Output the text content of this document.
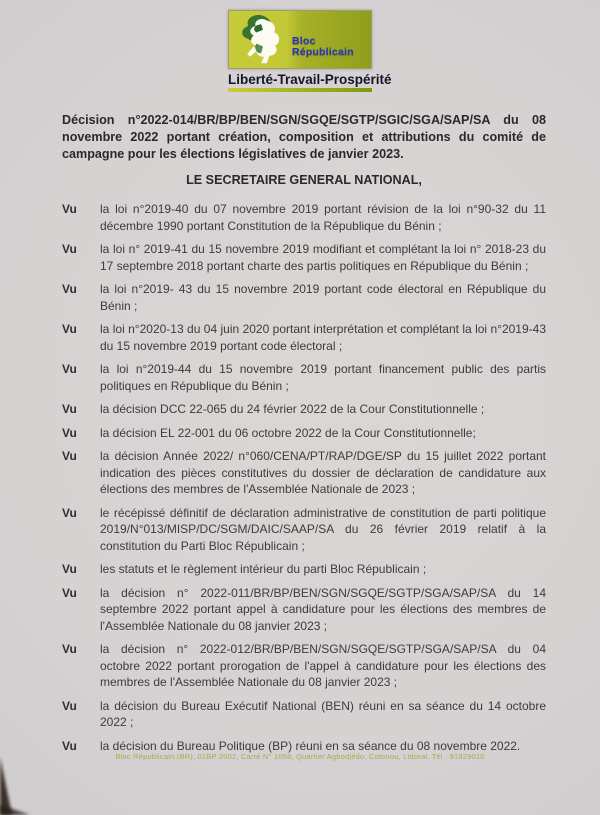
Bloc
Républicain
Liberté-Travail-Prospérité

Décision n°2022-014/BR/BP/BEN/SGN/SGQE/SGTP/SGIC/SGA/SAP/SA du 08 novembre 2022 portant création, composition et attributions du comité de campagne pour les élections législatives de janvier 2023.

LE SECRETAIRE GENERAL NATIONAL,

Vu	la loi n°2019-40 du 07 novembre 2019 portant révision de la loi n°90-32 du 11 décembre 1990 portant Constitution de la République du Bénin ;
Vu	la loi n° 2019-41 du 15 novembre 2019 modifiant et complétant la loi n° 2018-23 du 17 septembre 2018 portant charte des partis politiques en République du Bénin ;
Vu	la loi n°2019- 43 du 15 novembre 2019 portant code électoral en République du Bénin ;
Vu	la loi n°2020-13 du 04 juin 2020 portant interprétation et complétant la loi n°2019-43 du 15 novembre 2019 portant code électoral ;
Vu	la loi n°2019-44 du 15 novembre 2019 portant financement public des partis politiques en République du Bénin ;
Vu	la décision DCC 22-065 du 24 février 2022 de la Cour Constitutionnelle ;
Vu	la décision EL 22-001 du 06 octobre 2022 de la Cour Constitutionnelle;
Vu	la décision Année 2022/ n°060/CENA/PT/RAP/DGE/SP du 15 juillet 2022 portant indication des pièces constitutives du dossier de déclaration de candidature aux élections des membres de l'Assemblée Nationale de 2023 ;
Vu	le récépissé définitif de déclaration administrative de constitution de parti politique 2019/N°013/MISP/DC/SGM/DAIC/SAAP/SA du 26 février 2019 relatif à la constitution du Parti Bloc Républicain ;
Vu	les statuts et le règlement intérieur du parti Bloc Républicain ;
Vu	la décision n° 2022-011/BR/BP/BEN/SGN/SGQE/SGTP/SGA/SAP/SA du 14 septembre 2022 portant appel à candidature pour les élections des membres de l'Assemblée Nationale du 08 janvier 2023 ;
Vu	la décision n° 2022-012/BR/BP/BEN/SGN/SGQE/SGTP/SGA/SAP/SA du 04 octobre 2022 portant prorogation de l'appel à candidature pour les élections des membres de l'Assemblée Nationale du 08 janvier 2023 ;
Vu	la décision du Bureau Exécutif National (BEN) réuni en sa séance du 14 octobre 2022 ;
Vu	la décision du Bureau Politique (BP) réuni en sa séance du 08 novembre 2022.
Bloc Républicain (BR), 01BP 2002, Carré N° 1058, Quartier Agbodjèdo, Cotonou, Littoral. Tél : 91829010
